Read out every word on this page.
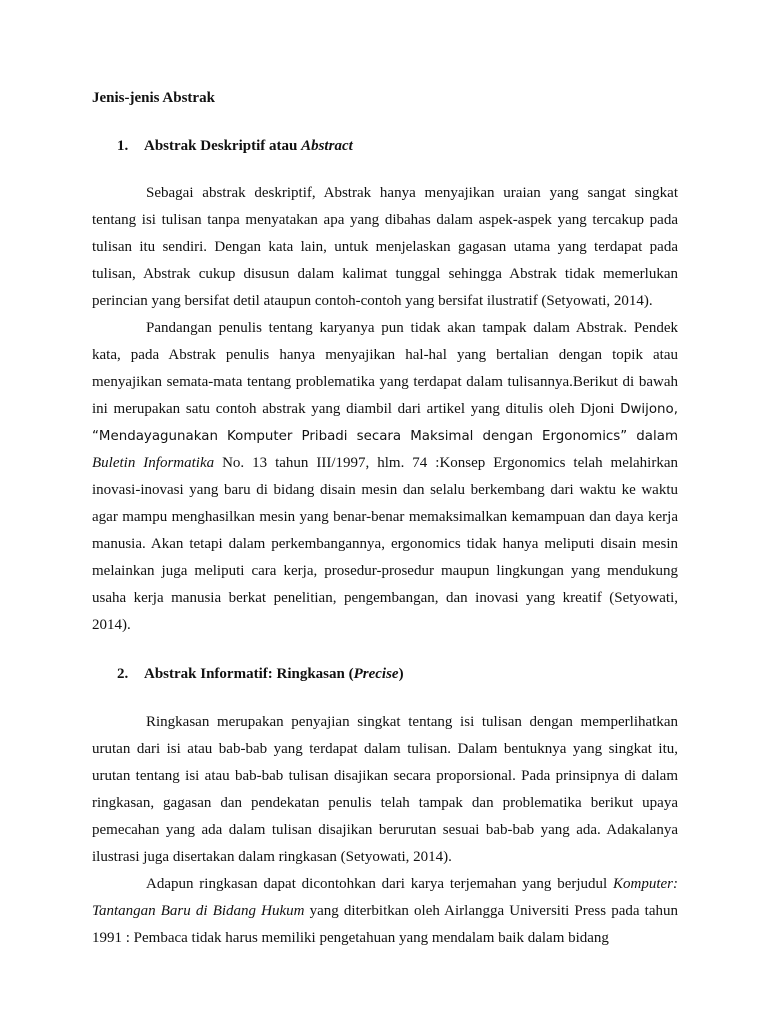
Jenis-jenis Abstrak

1. Abstrak Deskriptif atau Abstract

Sebagai abstrak deskriptif, Abstrak hanya menyajikan uraian yang sangat singkat tentang isi tulisan tanpa menyatakan apa yang dibahas dalam aspek-aspek yang tercakup pada tulisan itu sendiri. Dengan kata lain, untuk menjelaskan gagasan utama yang terdapat pada tulisan, Abstrak cukup disusun dalam kalimat tunggal sehingga Abstrak tidak memerlukan perincian yang bersifat detil ataupun contoh-contoh yang bersifat ilustratif (Setyowati, 2014).
Pandangan penulis tentang karyanya pun tidak akan tampak dalam Abstrak. Pendek kata, pada Abstrak penulis hanya menyajikan hal-hal yang bertalian dengan topik atau menyajikan semata-mata tentang problematika yang terdapat dalam tulisannya.Berikut di bawah ini merupakan satu contoh abstrak yang diambil dari artikel yang ditulis oleh Djoni Dwijono, “Mendayagunakan Komputer Pribadi secara Maksimal dengan Ergonomics” dalam Buletin Informatika No. 13 tahun III/1997, hlm. 74 :Konsep Ergonomics telah melahirkan inovasi-inovasi yang baru di bidang disain mesin dan selalu berkembang dari waktu ke waktu agar mampu menghasilkan mesin yang benar-benar memaksimalkan kemampuan dan daya kerja manusia. Akan tetapi dalam perkembangannya, ergonomics tidak hanya meliputi disain mesin melainkan juga meliputi cara kerja, prosedur-prosedur maupun lingkungan yang mendukung usaha kerja manusia berkat penelitian, pengembangan, dan inovasi yang kreatif (Setyowati, 2014).

2. Abstrak Informatif: Ringkasan (Precise)

Ringkasan merupakan penyajian singkat tentang isi tulisan dengan memperlihatkan urutan dari isi atau bab-bab yang terdapat dalam tulisan. Dalam bentuknya yang singkat itu, urutan tentang isi atau bab-bab tulisan disajikan secara proporsional. Pada prinsipnya di dalam ringkasan, gagasan dan pendekatan penulis telah tampak dan problematika berikut upaya pemecahan yang ada dalam tulisan disajikan berurutan sesuai bab-bab yang ada. Adakalanya ilustrasi juga disertakan dalam ringkasan (Setyowati, 2014).
Adapun ringkasan dapat dicontohkan dari karya terjemahan yang berjudul Komputer: Tantangan Baru di Bidang Hukum yang diterbitkan oleh Airlangga Universiti Press pada tahun 1991 : Pembaca tidak harus memiliki pengetahuan yang mendalam baik dalam bidang
